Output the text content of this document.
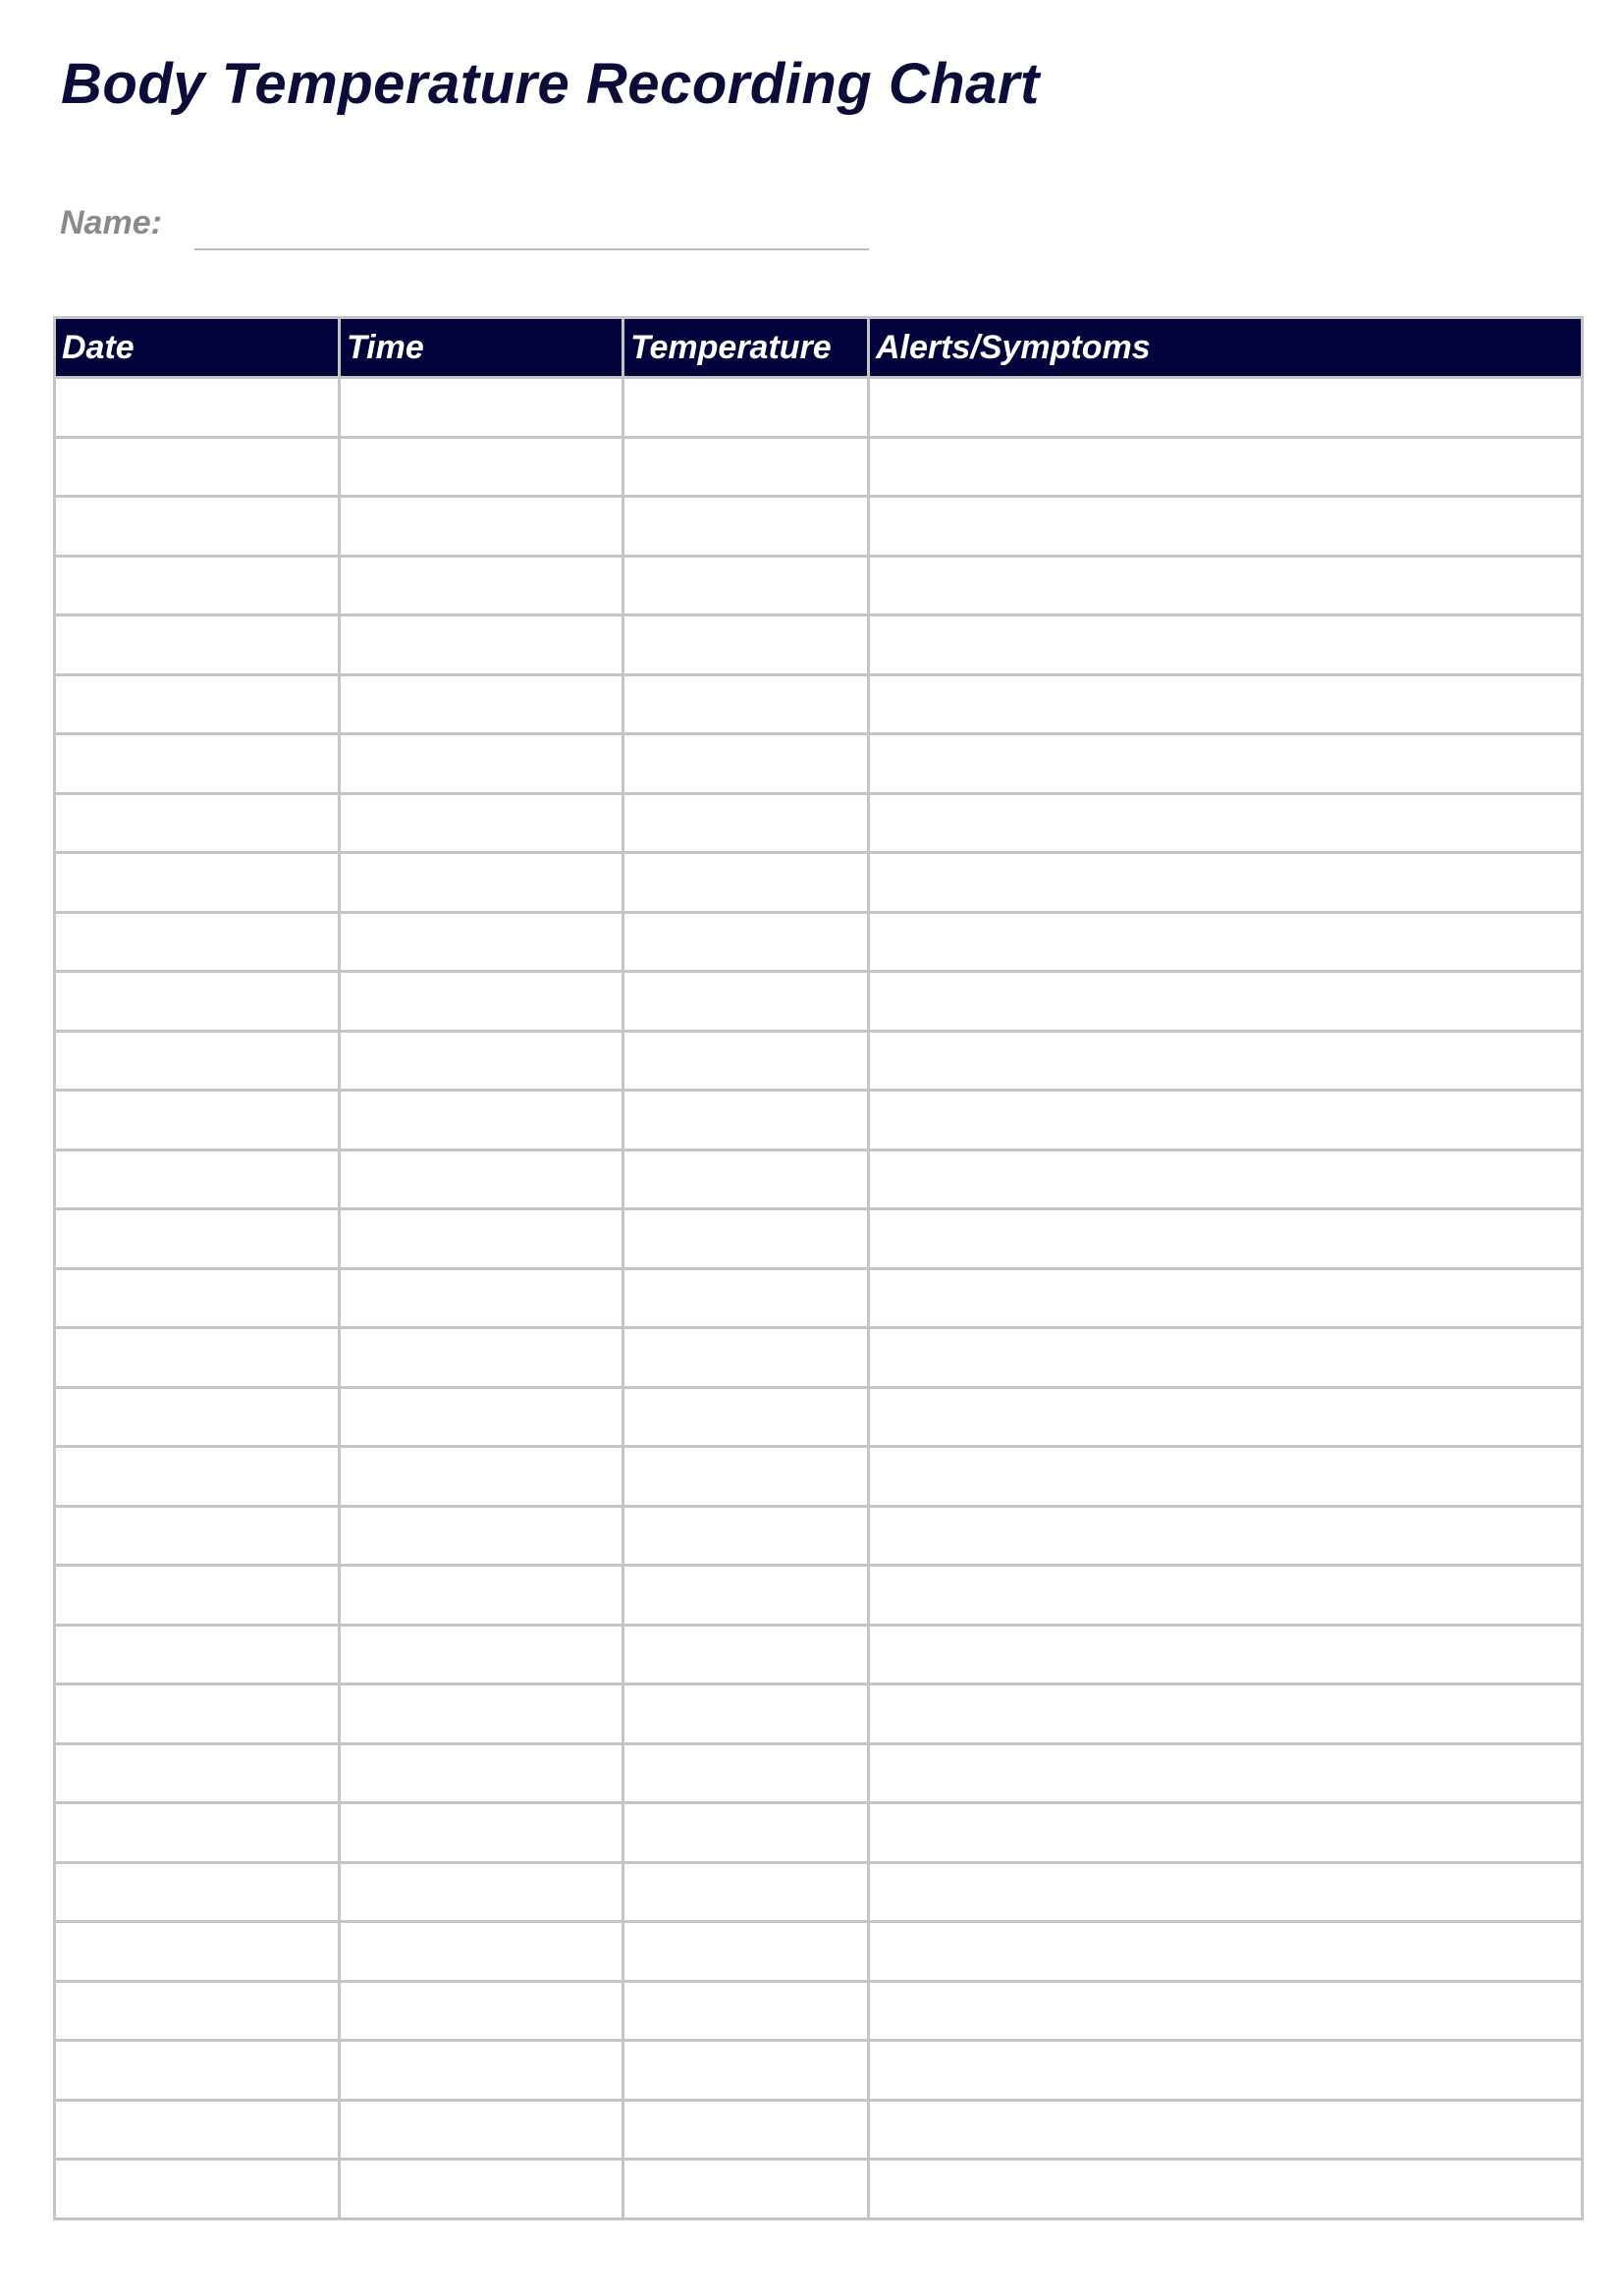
Body Temperature Recording Chart
Name:
Date	Time	Temperature	Alerts/Symptoms
